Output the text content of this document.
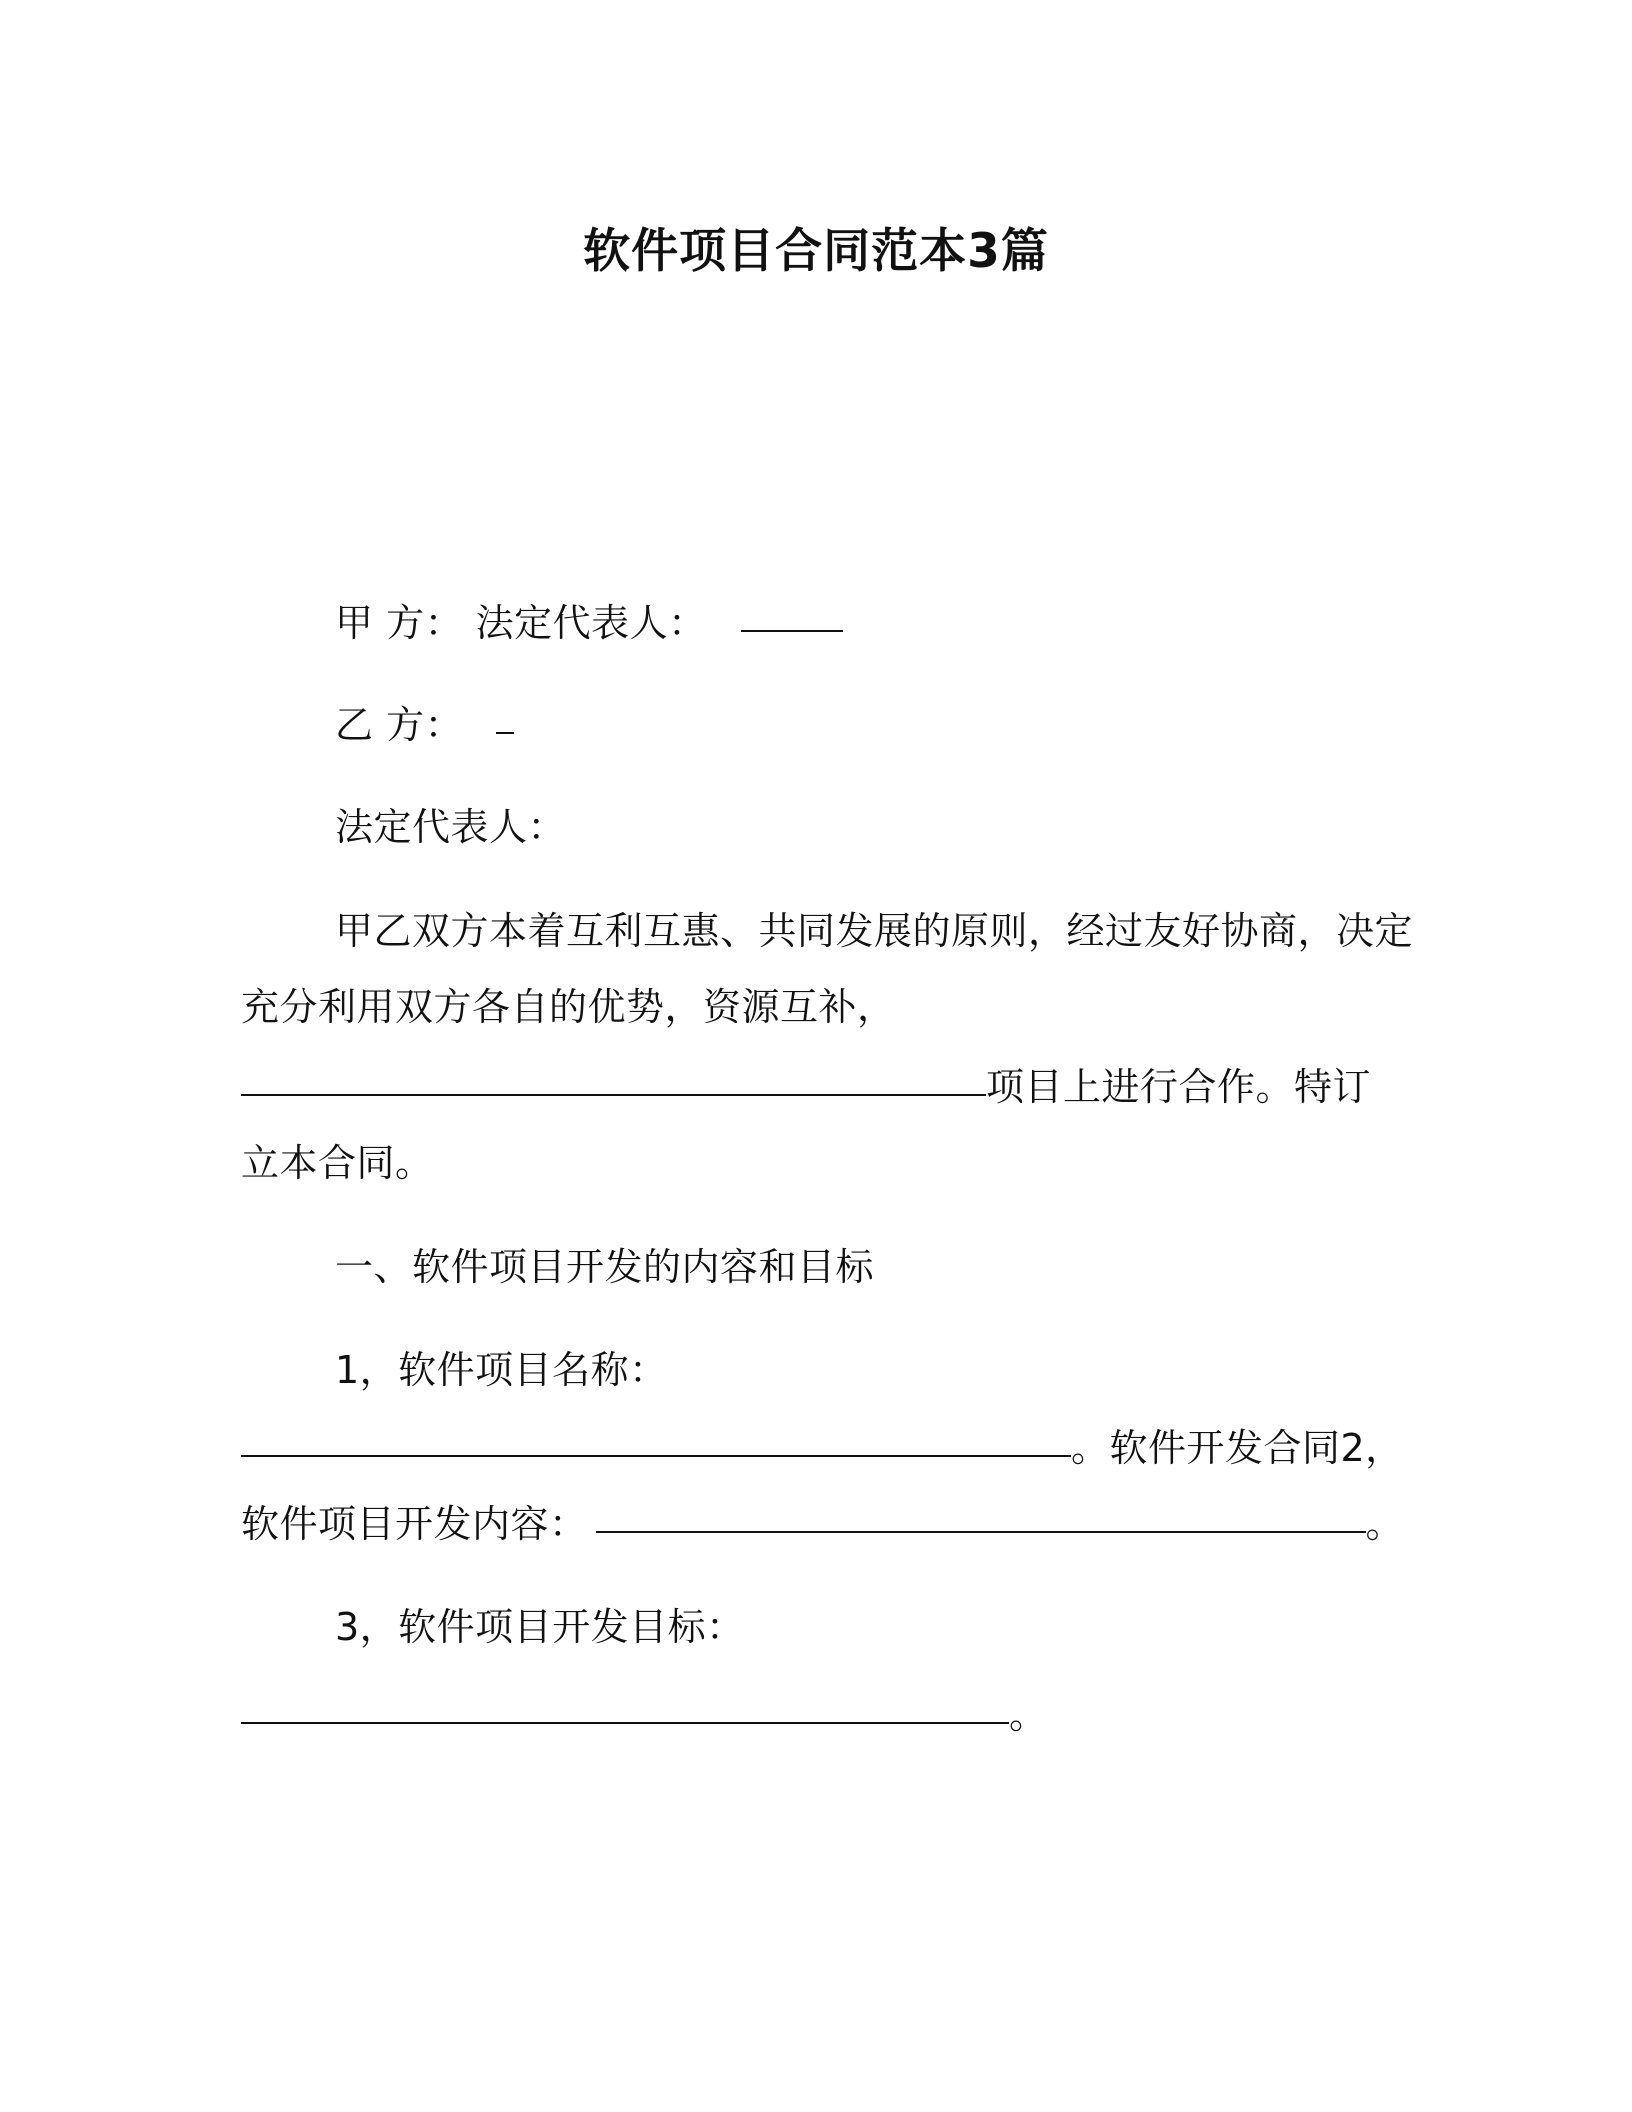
软件项目合同范本3篇
甲 方： 法定代表人：
乙 方：
法定代表人：
甲乙双方本着互利互惠、共同发展的原则，经过友好协商，决定
充分利用双方各自的优势，资源互补，
项目上进行合作。特订
立本合同。
一、软件项目开发的内容和目标
1，软件项目名称：
。软件开发合同2，
软件项目开发内容：	。
3，软件项目开发目标：
。
